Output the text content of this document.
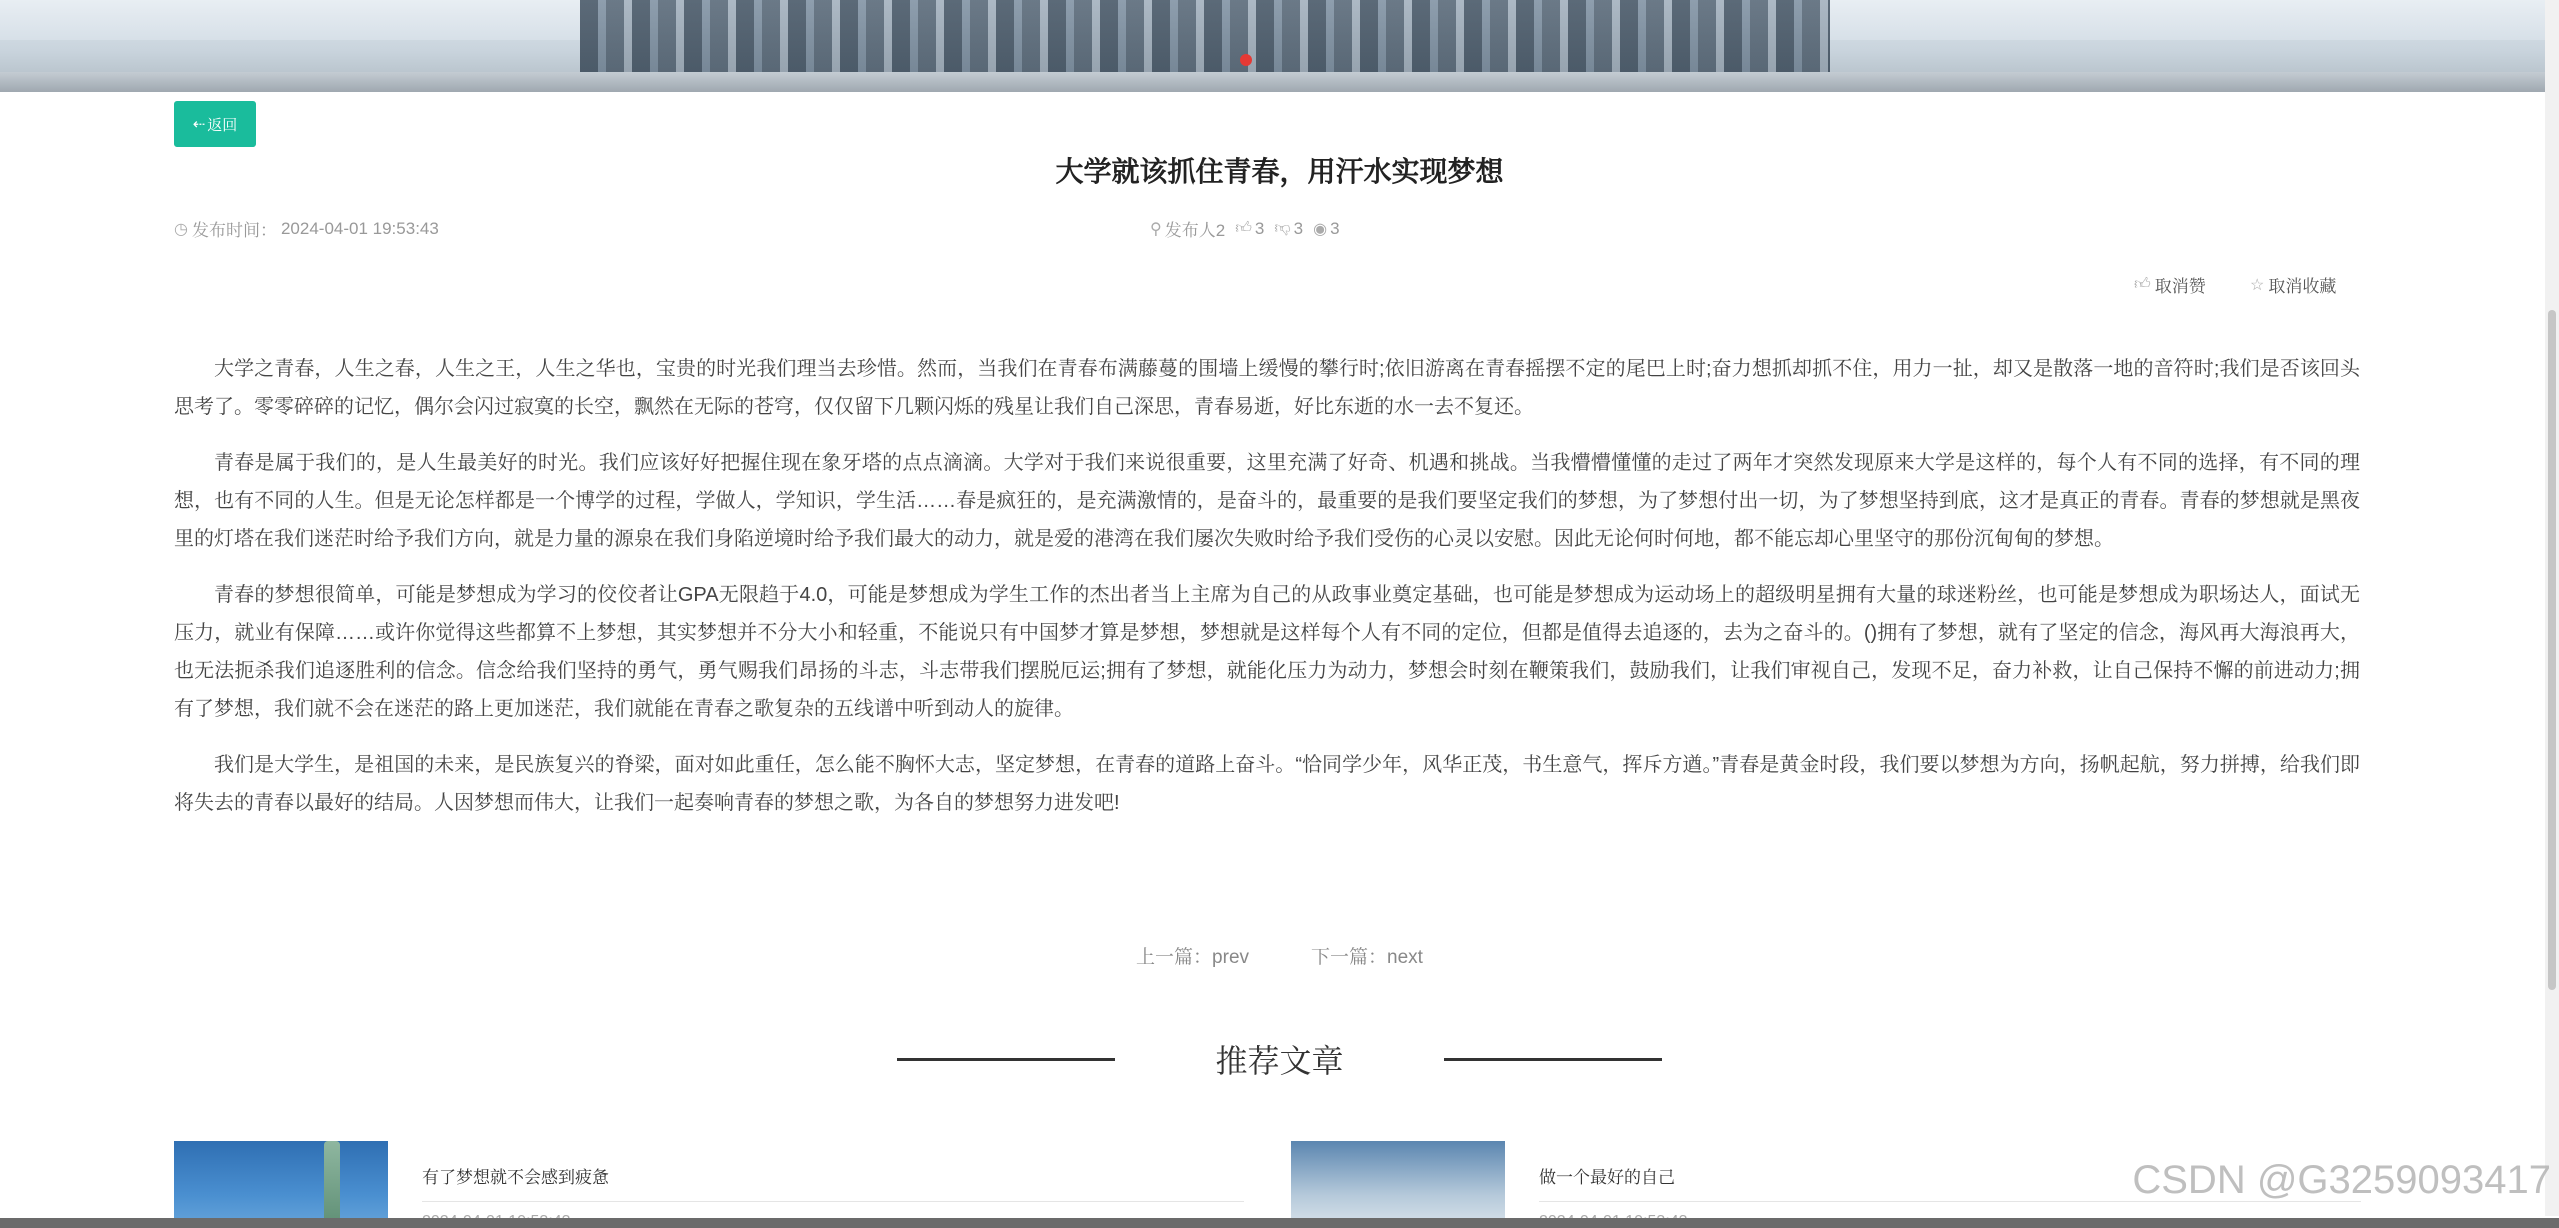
⇠ 返回
大学就该抓住青春，用汗水实现梦想
◷ 发布时间： 2024-04-01 19:53:43	⚲ 发布人2 👍︎ 3 👎︎ 3 ◉ 3
👍︎ 取消赞	☆ 取消收藏

大学之青春，人生之春，人生之王，人生之华也，宝贵的时光我们理当去珍惜。然而，当我们在青春布满藤蔓的围墙上缓慢的攀行时;依旧游离在青春摇摆不定的尾巴上时;奋力想抓却抓不住，用力一扯，却又是散落一地的音符时;我们是否该回头思考了。零零碎碎的记忆，偶尔会闪过寂寞的长空，飘然在无际的苍穹，仅仅留下几颗闪烁的残星让我们自己深思，青春易逝，好比东逝的水一去不复还。

青春是属于我们的，是人生最美好的时光。我们应该好好把握住现在象牙塔的点点滴滴。大学对于我们来说很重要，这里充满了好奇、机遇和挑战。当我懵懵懂懂的走过了两年才突然发现原来大学是这样的，每个人有不同的选择，有不同的理想，也有不同的人生。但是无论怎样都是一个博学的过程，学做人，学知识，学生活……春是疯狂的，是充满激情的，是奋斗的，最重要的是我们要坚定我们的梦想，为了梦想付出一切，为了梦想坚持到底，这才是真正的青春。青春的梦想就是黑夜里的灯塔在我们迷茫时给予我们方向，就是力量的源泉在我们身陷逆境时给予我们最大的动力，就是爱的港湾在我们屡次失败时给予我们受伤的心灵以安慰。因此无论何时何地，都不能忘却心里坚守的那份沉甸甸的梦想。

青春的梦想很简单，可能是梦想成为学习的佼佼者让GPA无限趋于4.0，可能是梦想成为学生工作的杰出者当上主席为自己的从政事业奠定基础，也可能是梦想成为运动场上的超级明星拥有大量的球迷粉丝，也可能是梦想成为职场达人，面试无压力，就业有保障……或许你觉得这些都算不上梦想，其实梦想并不分大小和轻重，不能说只有中国梦才算是梦想，梦想就是这样每个人有不同的定位，但都是值得去追逐的，去为之奋斗的。()拥有了梦想，就有了坚定的信念，海风再大海浪再大，也无法扼杀我们追逐胜利的信念。信念给我们坚持的勇气，勇气赐我们昂扬的斗志，斗志带我们摆脱厄运;拥有了梦想，就能化压力为动力，梦想会时刻在鞭策我们，鼓励我们，让我们审视自己，发现不足，奋力补救，让自己保持不懈的前进动力;拥有了梦想，我们就不会在迷茫的路上更加迷茫，我们就能在青春之歌复杂的五线谱中听到动人的旋律。

我们是大学生，是祖国的未来，是民族复兴的脊梁，面对如此重任，怎么能不胸怀大志，坚定梦想，在青春的道路上奋斗。“恰同学少年，风华正茂，书生意气，挥斥方遒。”青春是黄金时段，我们要以梦想为方向，扬帆起航，努力拼搏，给我们即将失去的青春以最好的结局。人因梦想而伟大，让我们一起奏响青春的梦想之歌，为各自的梦想努力进发吧!

上一篇：prev	下一篇：next
推荐文章
有了梦想就不会感到疲惫	做一个最好的自己	CSDN @G3259093417
